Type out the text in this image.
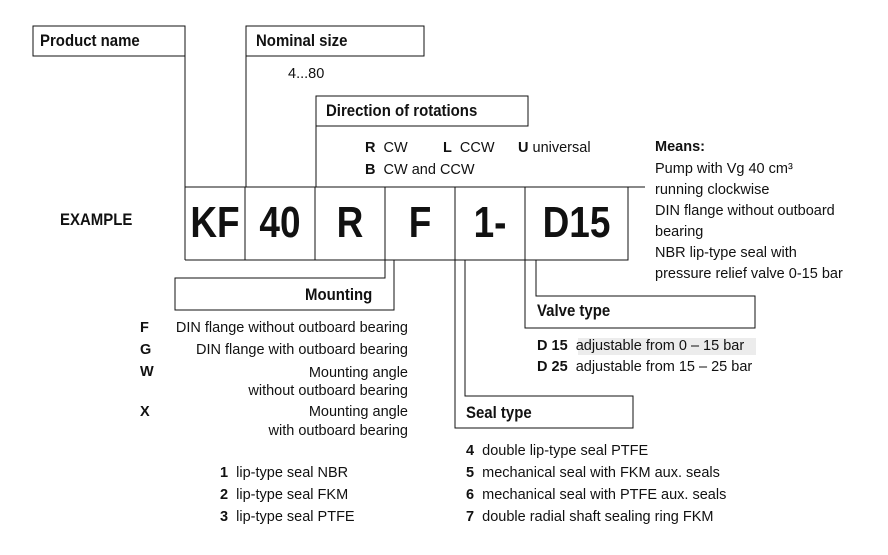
Product name	Nominal size
4...80
Direction of rotations
R CW L CCW U universal
B CW and CCW
Means:
Pump with Vg 40 cm³
running clockwise
DIN flange without outboard
bearing
NBR lip-type seal with
pressure relief valve 0-15 bar
EXAMPLE KF 40 R	F 1- D15
Mounting
F DIN flange without outboard bearing
G	DIN flange with outboard bearing
W	Mounting angle
without outboard bearing
X	Mounting angle
with outboard bearing
Valve type
D 15 adjustable from 0 – 15 bar
D 25 adjustable from 15 – 25 bar
Seal type
4 double lip-type seal PTFE
5 mechanical seal with FKM aux. seals
6 mechanical seal with PTFE aux. seals
7 double radial shaft sealing ring FKM
1 lip-type seal NBR
2 lip-type seal FKM
3 lip-type seal PTFE
